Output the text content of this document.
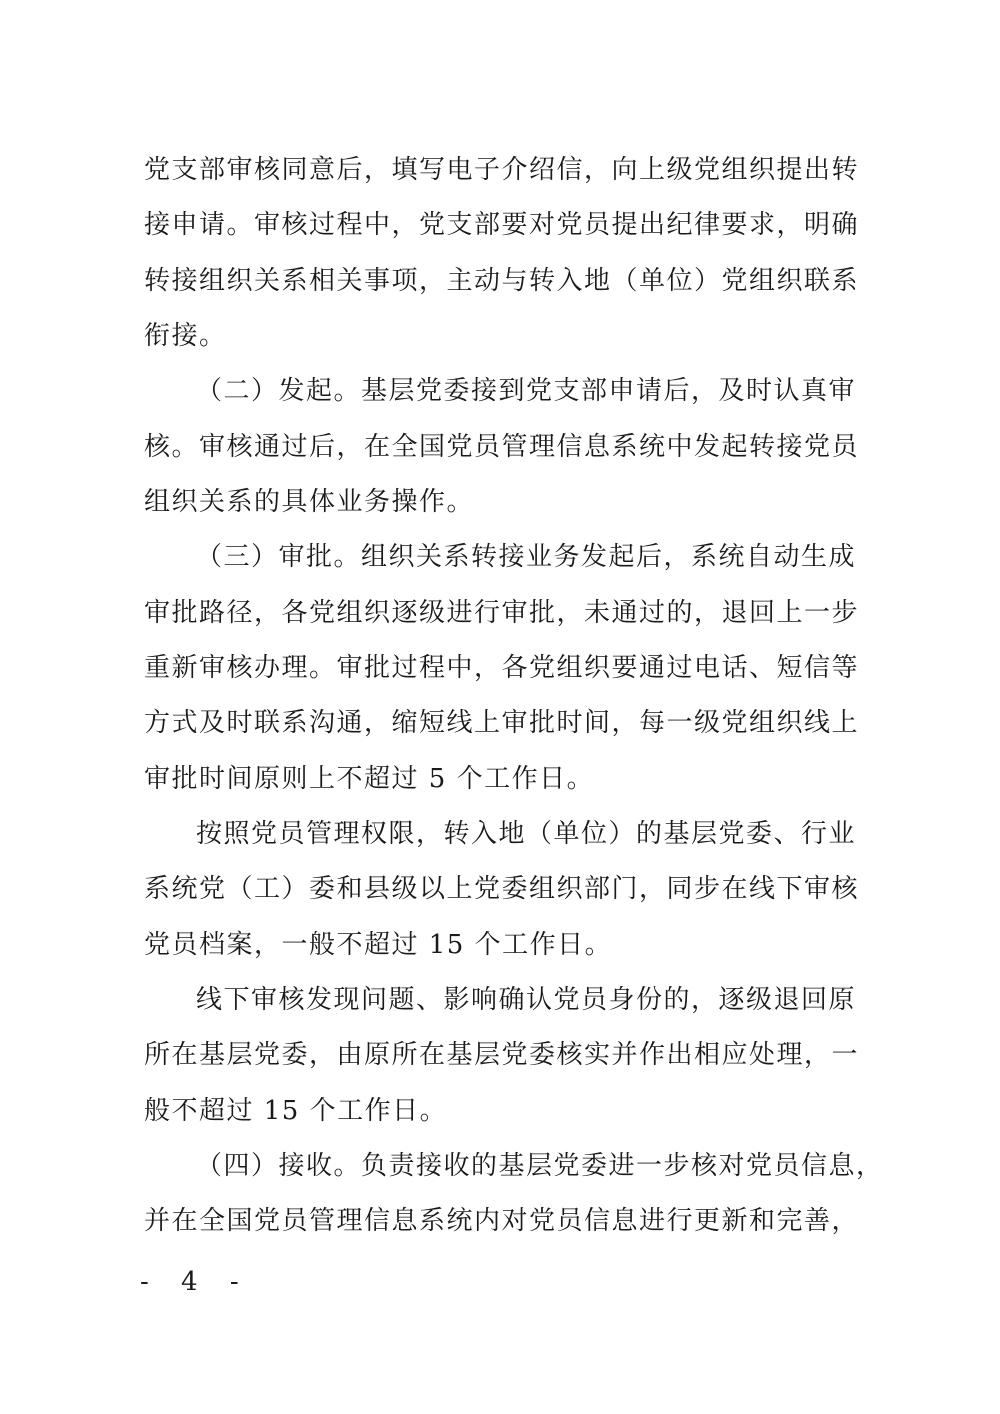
党支部审核同意后，填写电子介绍信，向上级党组织提出转
接申请。审核过程中，党支部要对党员提出纪律要求，明确
转接组织关系相关事项，主动与转入地（单位）党组织联系
衔接。
（二）发起。基层党委接到党支部申请后，及时认真审
核。审核通过后，在全国党员管理信息系统中发起转接党员
组织关系的具体业务操作。
（三）审批。组织关系转接业务发起后，系统自动生成
审批路径，各党组织逐级进行审批，未通过的，退回上一步
重新审核办理。审批过程中，各党组织要通过电话、短信等
方式及时联系沟通，缩短线上审批时间，每一级党组织线上
审批时间原则上不超过 5 个工作日。
按照党员管理权限，转入地（单位）的基层党委、行业
系统党（工）委和县级以上党委组织部门，同步在线下审核
党员档案，一般不超过 15 个工作日。
线下审核发现问题、影响确认党员身份的，逐级退回原
所在基层党委，由原所在基层党委核实并作出相应处理，一
般不超过 15 个工作日。
（四）接收。负责接收的基层党委进一步核对党员信息，
并在全国党员管理信息系统内对党员信息进行更新和完善，
- 4 -
